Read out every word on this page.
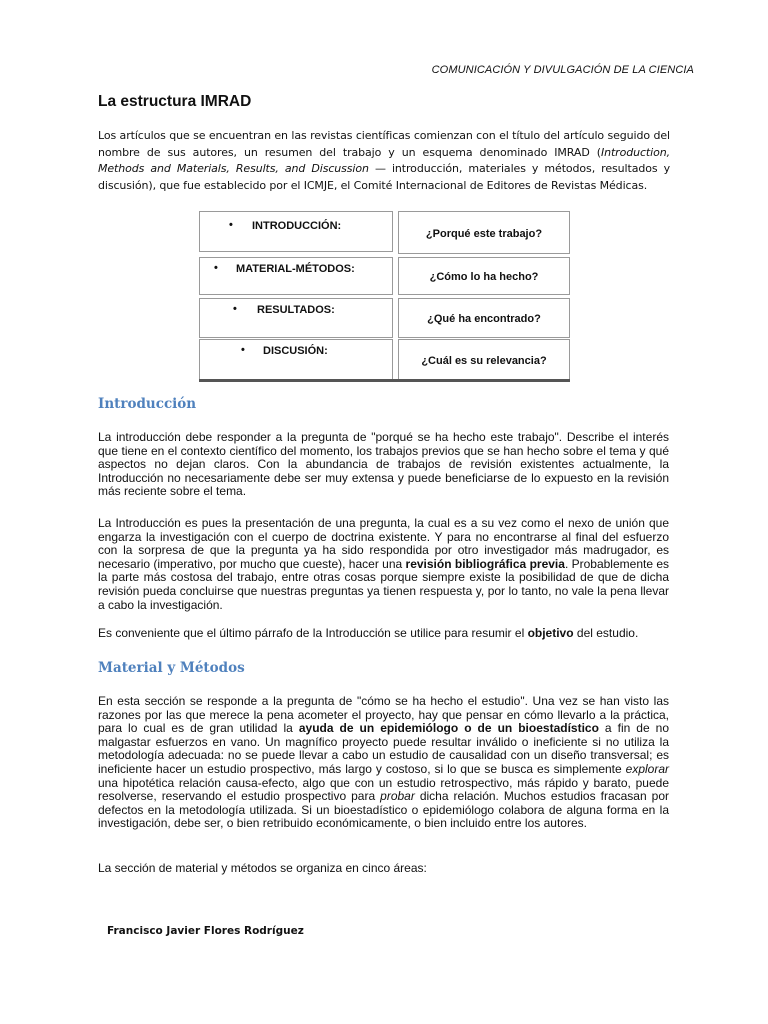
COMUNICACIÓN Y DIVULGACIÓN DE LA CIENCIA
La estructura IMRAD
Los artículos que se encuentran en las revistas científicas comienzan con el título del artículo seguido del nombre de sus autores, un resumen del trabajo y un esquema denominado IMRAD (Introduction, Methods and Materials, Results, and Discussion — introducción, materiales y métodos, resultados y discusión), que fue establecido por el ICMJE, el Comité Internacional de Editores de Revistas Médicas.
• INTRODUCCIÓN:
¿Porqué este trabajo?
• MATERIAL-MÉTODOS:
¿Cómo lo ha hecho?
• RESULTADOS:
¿Qué ha encontrado?
• DISCUSIÓN:
¿Cuál es su relevancia?
Introducción
La introducción debe responder a la pregunta de "porqué se ha hecho este trabajo". Describe el interés que tiene en el contexto científico del momento, los trabajos previos que se han hecho sobre el tema y qué aspectos no dejan claros. Con la abundancia de trabajos de revisión existentes actualmente, la Introducción no necesariamente debe ser muy extensa y puede beneficiarse de lo expuesto en la revisión más reciente sobre el tema.
La Introducción es pues la presentación de una pregunta, la cual es a su vez como el nexo de unión que engarza la investigación con el cuerpo de doctrina existente. Y para no encontrarse al final del esfuerzo con la sorpresa de que la pregunta ya ha sido respondida por otro investigador más madrugador, es necesario (imperativo, por mucho que cueste), hacer una revisión bibliográfica previa. Probablemente es la parte más costosa del trabajo, entre otras cosas porque siempre existe la posibilidad de que de dicha revisión pueda concluirse que nuestras preguntas ya tienen respuesta y, por lo tanto, no vale la pena llevar a cabo la investigación.
Es conveniente que el último párrafo de la Introducción se utilice para resumir el objetivo del estudio.
Material y Métodos
En esta sección se responde a la pregunta de "cómo se ha hecho el estudio". Una vez se han visto las razones por las que merece la pena acometer el proyecto, hay que pensar en cómo llevarlo a la práctica, para lo cual es de gran utilidad la ayuda de un epidemiólogo o de un bioestadístico a fin de no malgastar esfuerzos en vano. Un magnífico proyecto puede resultar inválido o ineficiente si no utiliza la metodología adecuada: no se puede llevar a cabo un estudio de causalidad con un diseño transversal; es ineficiente hacer un estudio prospectivo, más largo y costoso, si lo que se busca es simplemente explorar una hipotética relación causa-efecto, algo que con un estudio retrospectivo, más rápido y barato, puede resolverse, reservando el estudio prospectivo para probar dicha relación. Muchos estudios fracasan por defectos en la metodología utilizada. Si un bioestadístico o epidemiólogo colabora de alguna forma en la investigación, debe ser, o bien retribuido económicamente, o bien incluido entre los autores.
La sección de material y métodos se organiza en cinco áreas:
Francisco Javier Flores Rodríguez
